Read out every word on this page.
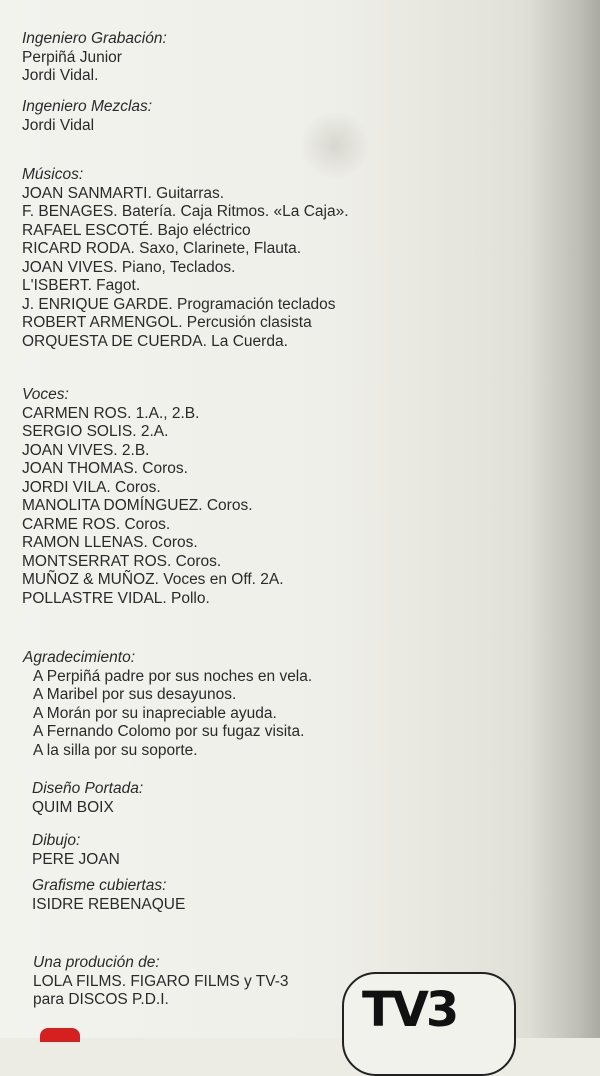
Ingeniero Grabación:
Perpiñá Junior
Jordi Vidal.
Ingeniero Mezclas:
Jordi Vidal
Músicos:
JOAN SANMARTI. Guitarras.
F. BENAGES. Batería. Caja Ritmos. «La Caja».
RAFAEL ESCOTÉ. Bajo eléctrico
RICARD RODA. Saxo, Clarinete, Flauta.
JOAN VIVES. Piano, Teclados.
L'ISBERT. Fagot.
J. ENRIQUE GARDE. Programación teclados
ROBERT ARMENGOL. Percusión clasista
ORQUESTA DE CUERDA. La Cuerda.
Voces:
CARMEN ROS. 1.A., 2.B.
SERGIO SOLIS. 2.A.
JOAN VIVES. 2.B.
JOAN THOMAS. Coros.
JORDI VILA. Coros.
MANOLITA DOMÍNGUEZ. Coros.
CARME ROS. Coros.
RAMON LLENAS. Coros.
MONTSERRAT ROS. Coros.
MUÑOZ & MUÑOZ. Voces en Off. 2A.
POLLASTRE VIDAL. Pollo.
Agradecimiento:
A Perpiñá padre por sus noches en vela.
A Maribel por sus desayunos.
A Morán por su inapreciable ayuda.
A Fernando Colomo por su fugaz visita.
A la silla por su soporte.
Diseño Portada:
QUIM BOIX
Dibujo:
PERE JOAN
Grafisme cubiertas:
ISIDRE REBENAQUE
Una produción de:
LOLA FILMS. FIGARO FILMS y TV-3
para DISCOS P.D.I.	TV3
